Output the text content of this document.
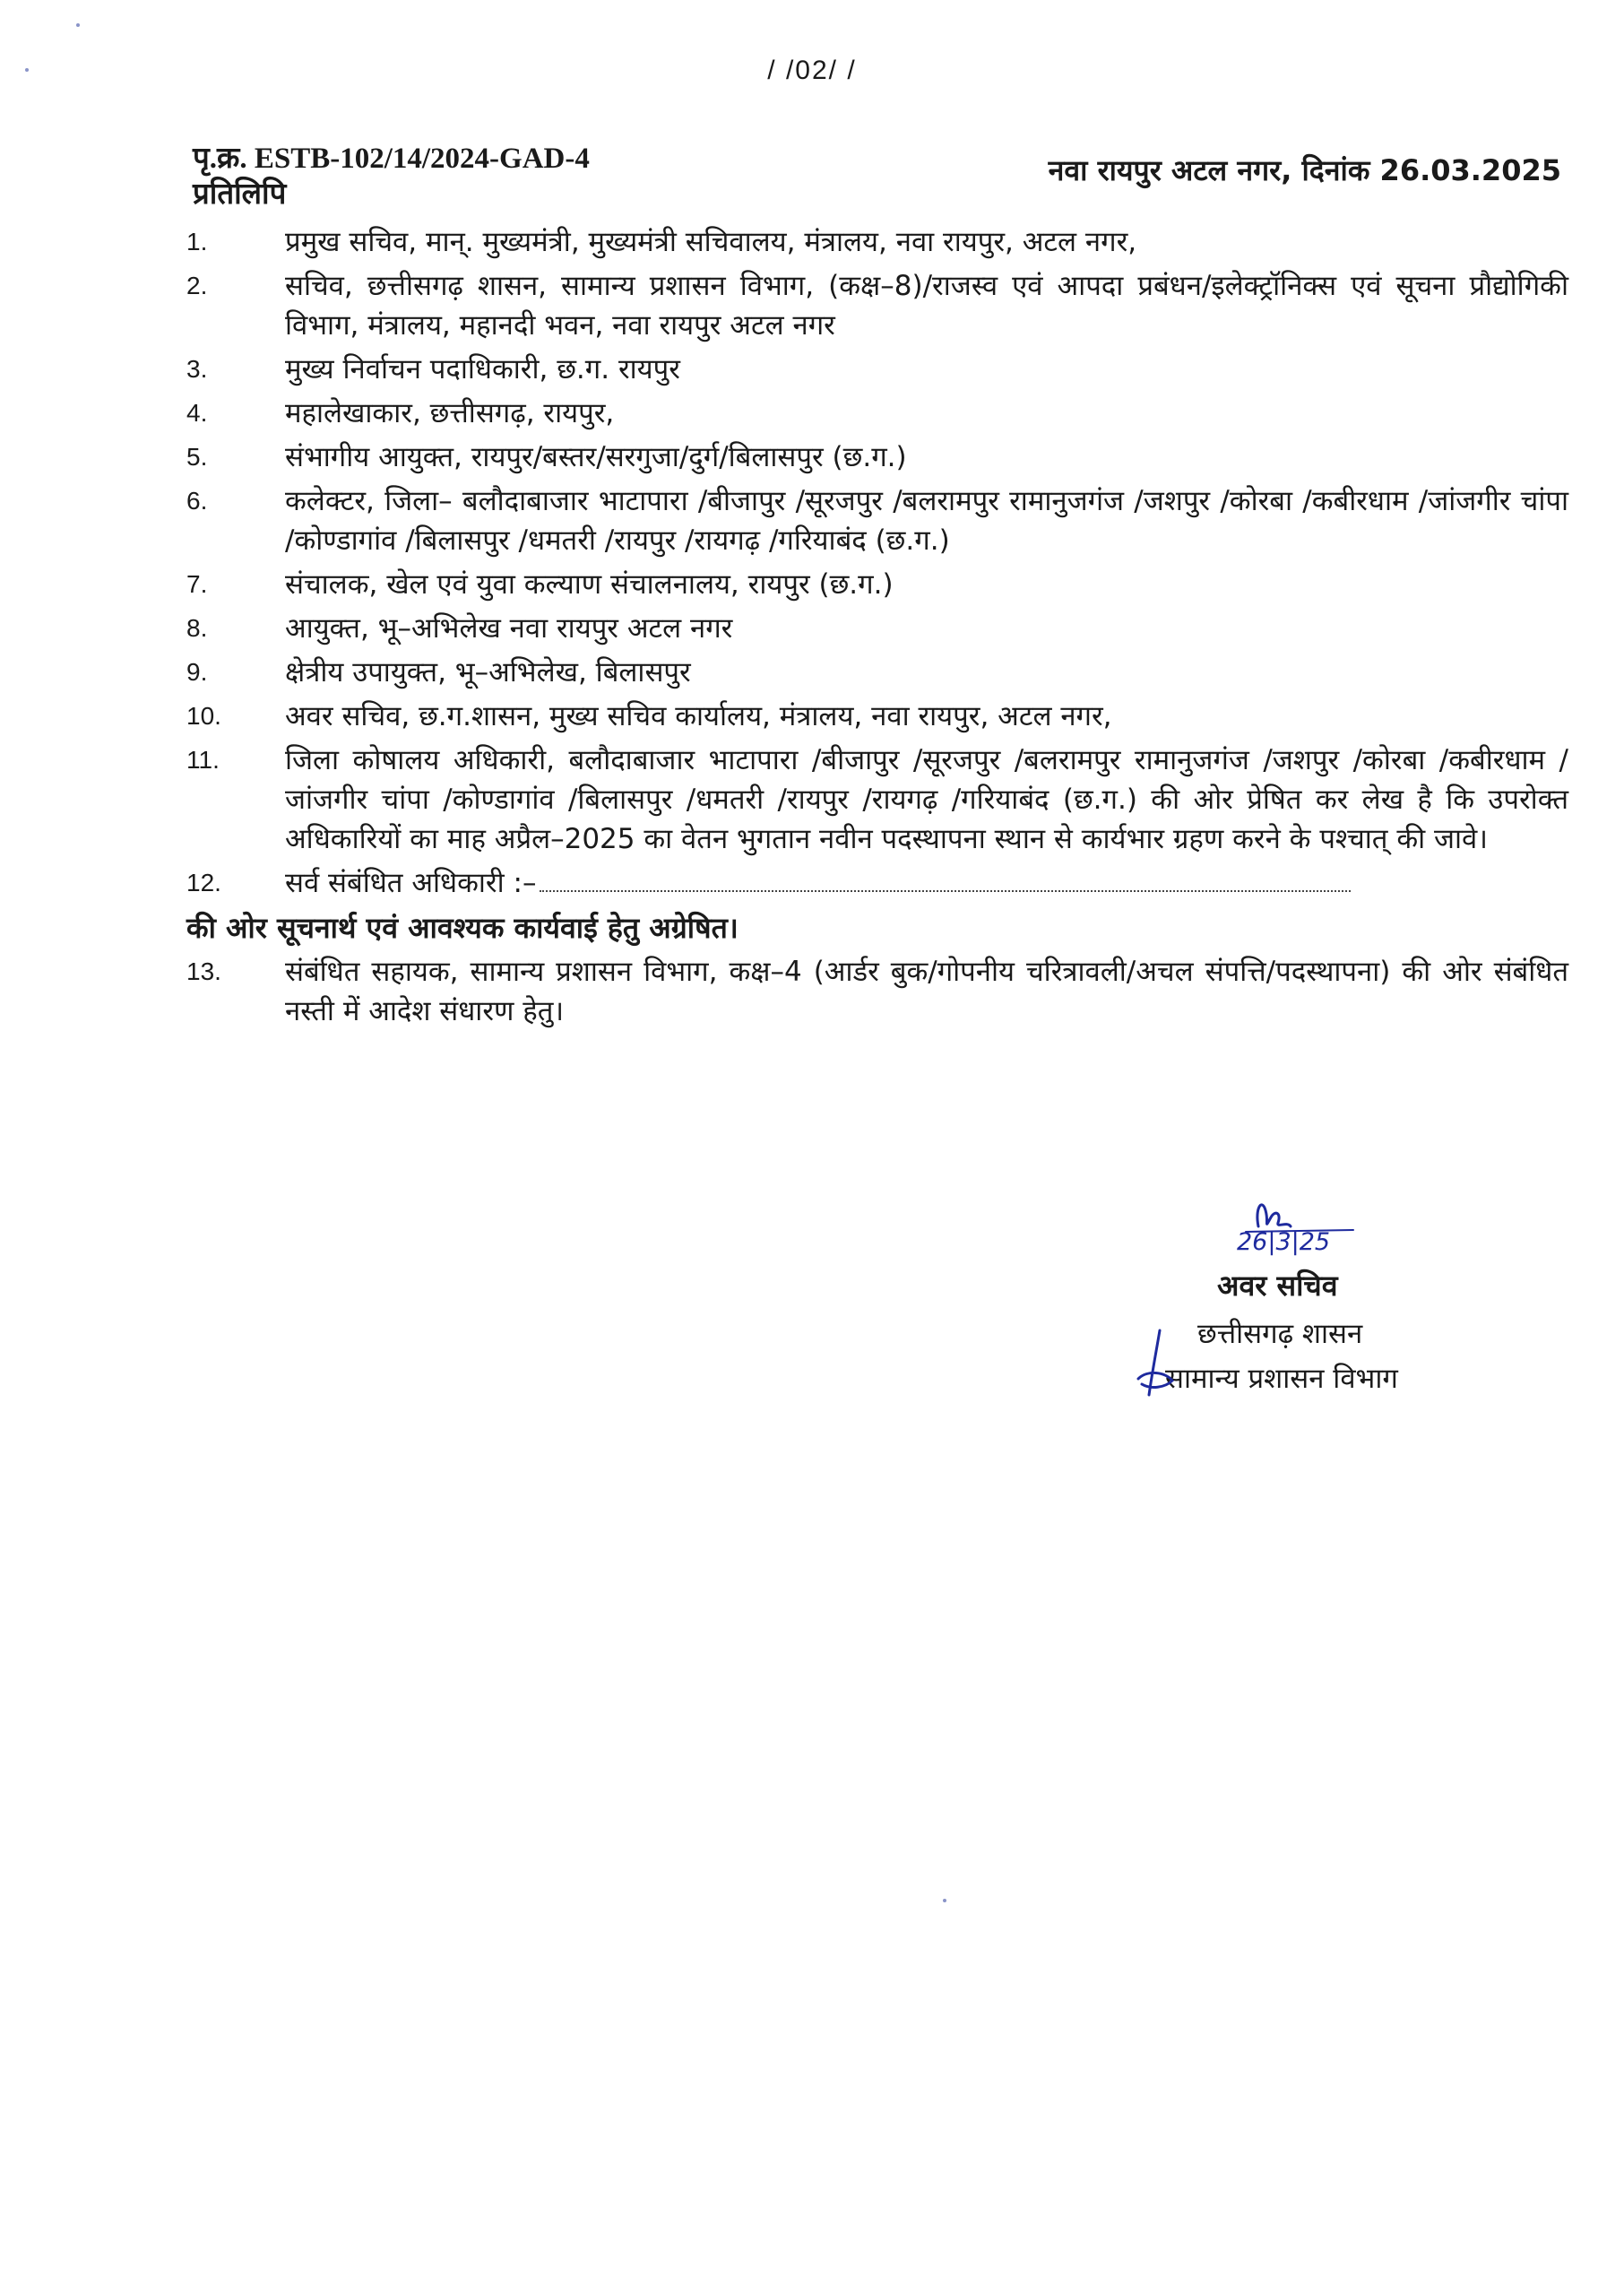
/ /02/ /
पृ.क्र. ESTB-102/14/2024-GAD-4	नवा रायपुर अटल नगर, दिनांक 26.03.2025
प्रतिलिपि
1.	प्रमुख सचिव, मान्. मुख्यमंत्री, मुख्यमंत्री सचिवालय, मंत्रालय, नवा रायपुर, अटल नगर,
2.	सचिव, छत्तीसगढ़ शासन, सामान्य प्रशासन विभाग, (कक्ष–8)/राजस्व एवं आपदा प्रबंधन/इलेक्ट्रॉनिक्स एवं सूचना प्रौद्योगिकी विभाग, मंत्रालय, महानदी भवन, नवा रायपुर अटल नगर
3.	मुख्य निर्वाचन पदाधिकारी, छ.ग. रायपुर
4.	महालेखाकार, छत्तीसगढ़, रायपुर,
5.	संभागीय आयुक्त, रायपुर/बस्तर/सरगुजा/दुर्ग/बिलासपुर (छ.ग.)
6.	कलेक्टर, जिला– बलौदाबाजार भाटापारा /बीजापुर /सूरजपुर /बलरामपुर रामानुजगंज /जशपुर /कोरबा /कबीरधाम /जांजगीर चांपा /कोण्डागांव /बिलासपुर /धमतरी /रायपुर /रायगढ़ /गरियाबंद (छ.ग.)
7.	संचालक, खेल एवं युवा कल्याण संचालनालय, रायपुर (छ.ग.)
8.	आयुक्त, भू–अभिलेख नवा रायपुर अटल नगर
9.	क्षेत्रीय उपायुक्त, भू–अभिलेख, बिलासपुर
10.	अवर सचिव, छ.ग.शासन, मुख्य सचिव कार्यालय, मंत्रालय, नवा रायपुर, अटल नगर,
11.	जिला कोषालय अधिकारी, बलौदाबाजार भाटापारा /बीजापुर /सूरजपुर /बलरामपुर रामानुजगंज /जशपुर /कोरबा /कबीरधाम /जांजगीर चांपा /कोण्डागांव /बिलासपुर /धमतरी /रायपुर /रायगढ़ /गरियाबंद (छ.ग.) की ओर प्रेषित कर लेख है कि उपरोक्त अधिकारियों का माह अप्रैल–2025 का वेतन भुगतान नवीन पदस्थापना स्थान से कार्यभार ग्रहण करने के पश्चात् की जावे।
12.	सर्व संबंधित अधिकारी :–
की ओर सूचनार्थ एवं आवश्यक कार्यवाई हेतु अग्रेषित।
13.	संबंधित सहायक, सामान्य प्रशासन विभाग, कक्ष–4 (आर्डर बुक/गोपनीय चरित्रावली/अचल संपत्ति/पदस्थापना) की ओर संबंधित नस्ती में आदेश संधारण हेतु।
26|3|25
अवर सचिव
छत्तीसगढ़ शासन
सामान्य प्रशासन विभाग
